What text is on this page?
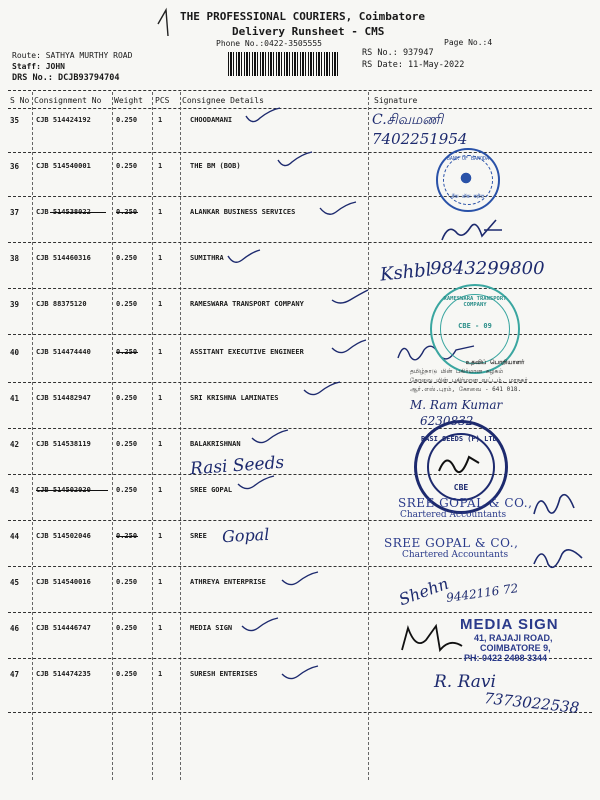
THE PROFESSIONAL COURIERS, Coimbatore
Delivery Runsheet - CMS
Phone No.:0422-3505555	Page No.:4
Route: SATHYA MURTHY ROAD
Staff: JOHN
DRS No.: DCJB93794704
RS No.: 937947
RS Date: 11-May-2022
S No Consignment No Weight PCS Consignee Details	Signature
35 CJB 514424192	0.250	1	CHOODAMANI
36 CJB 514540001	0.250	1	THE BM (BOB)
37 CJB 514538022	0.250	1	ALANKAR BUSINESS SERVICES
38 CJB 514460316	0.250	1	SUMITHRA
39 CJB 88375120	0.250	1	RAMESWARA TRANSPORT COMPANY
40 CJB 514474440	0.250	1	ASSITANT EXECUTIVE ENGINEER
41 CJB 514482947	0.250	1	SRI KRISHNA LAMINATES
42 CJB 514538119	0.250	1	BALAKRISHNAN
43 CJB 514502020	0.250	1	SREE GOPAL
44 CJB 514502046	0.250	1	SREE
45 CJB 514540016	0.250	1	ATHREYA ENTERPRISE
46 CJB 514446747	0.250	1	MEDIA SIGN
47 CJB 514474235	0.250	1	SURESH ENTERISES
C.சிவமணி
7402251954
Kshbl
9843299800
M. Ram Kumar
6230832
Rasi Seeds
Gopal
Shehn
9442116 72
R. Ravi
7373022538
BANK OF BARODA
बैंक ऑफ़ बड़ौदा
RAMESWARA TRANSPORT COMPANY
CBE - 09
உதவிப் பொறியாளர்
தமிழ்நாடு மின் பகிர்மான கழகம்
கோவை மின் பகிர்மான வட்டம், மாநகர்
ஆர்.எஸ்.புரம், கோவை - 641 018.
RASI SEEDS (P) LTD.
CBE
SREE GOPAL & CO.,
Chartered Accountants
SREE GOPAL & CO.,
Chartered Accountants
MEDIA SIGN
41, RAJAJI ROAD,
COIMBATORE 9,
PH: 0422 2498 3344
